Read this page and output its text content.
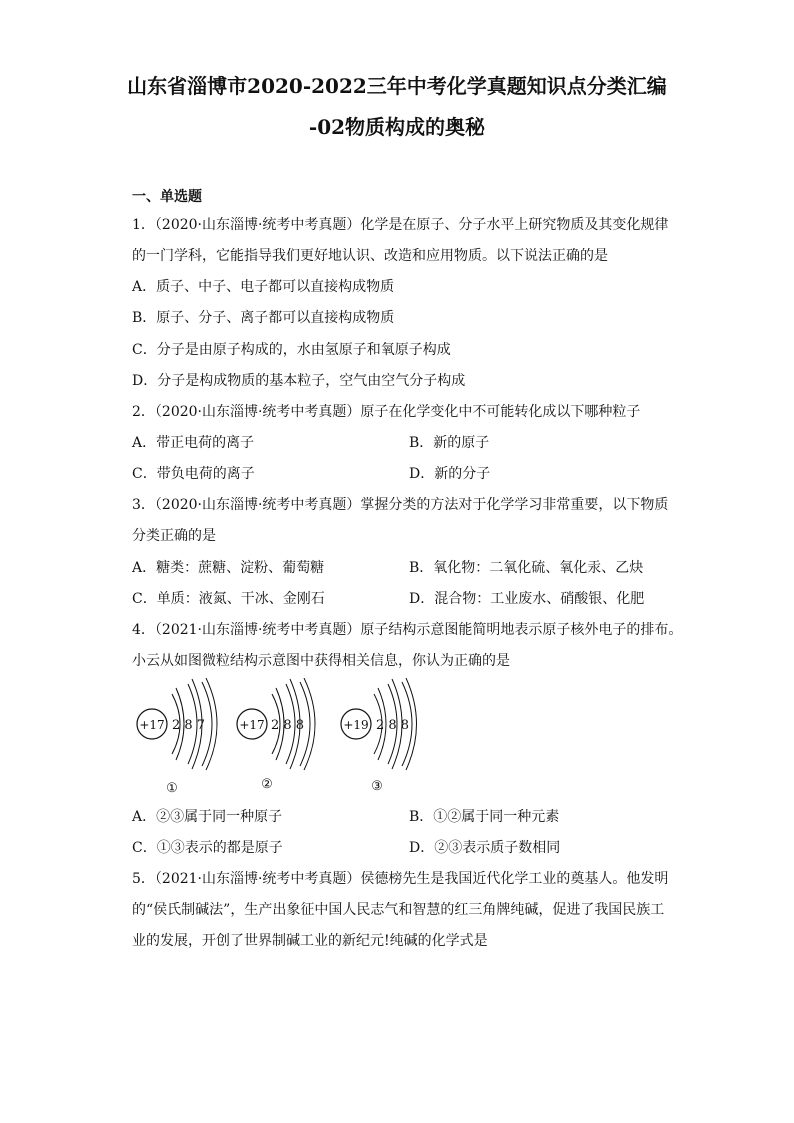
山东省淄博市2020-2022三年中考化学真题知识点分类汇编
-02物质构成的奥秘
一、单选题
1．（2020·山东淄博·统考中考真题）化学是在原子、分子水平上研究物质及其变化规律
的一门学科，它能指导我们更好地认识、改造和应用物质。以下说法正确的是
A．质子、中子、电子都可以直接构成物质
B．原子、分子、离子都可以直接构成物质
C．分子是由原子构成的，水由氢原子和氧原子构成
D．分子是构成物质的基本粒子，空气由空气分子构成
2．（2020·山东淄博·统考中考真题）原子在化学变化中不可能转化成以下哪种粒子
A．带正电荷的离子	B．新的原子
C．带负电荷的离子	D．新的分子
3．（2020·山东淄博·统考中考真题）掌握分类的方法对于化学学习非常重要，以下物质
分类正确的是
A．糖类：蔗糖、淀粉、葡萄糖	B．氧化物：二氧化硫、氧化汞、乙炔
C．单质：液氮、干冰、金刚石	D．混合物：工业废水、硝酸银、化肥
4．（2021·山东淄博·统考中考真题）原子结构示意图能简明地表示原子核外电子的排布。
小云从如图微粒结构示意图中获得相关信息，你认为正确的是
+17 2 8 7
①
+17 2 8 8
②
+19 2 8 8
③
A．②③属于同一种原子	B．①②属于同一种元素
C．①③表示的都是原子	D．②③表示质子数相同
5．（2021·山东淄博·统考中考真题）侯德榜先生是我国近代化学工业的奠基人。他发明
的“侯氏制碱法”，生产出象征中国人民志气和智慧的红三角牌纯碱，促进了我国民族工
业的发展，开创了世界制碱工业的新纪元!纯碱的化学式是
